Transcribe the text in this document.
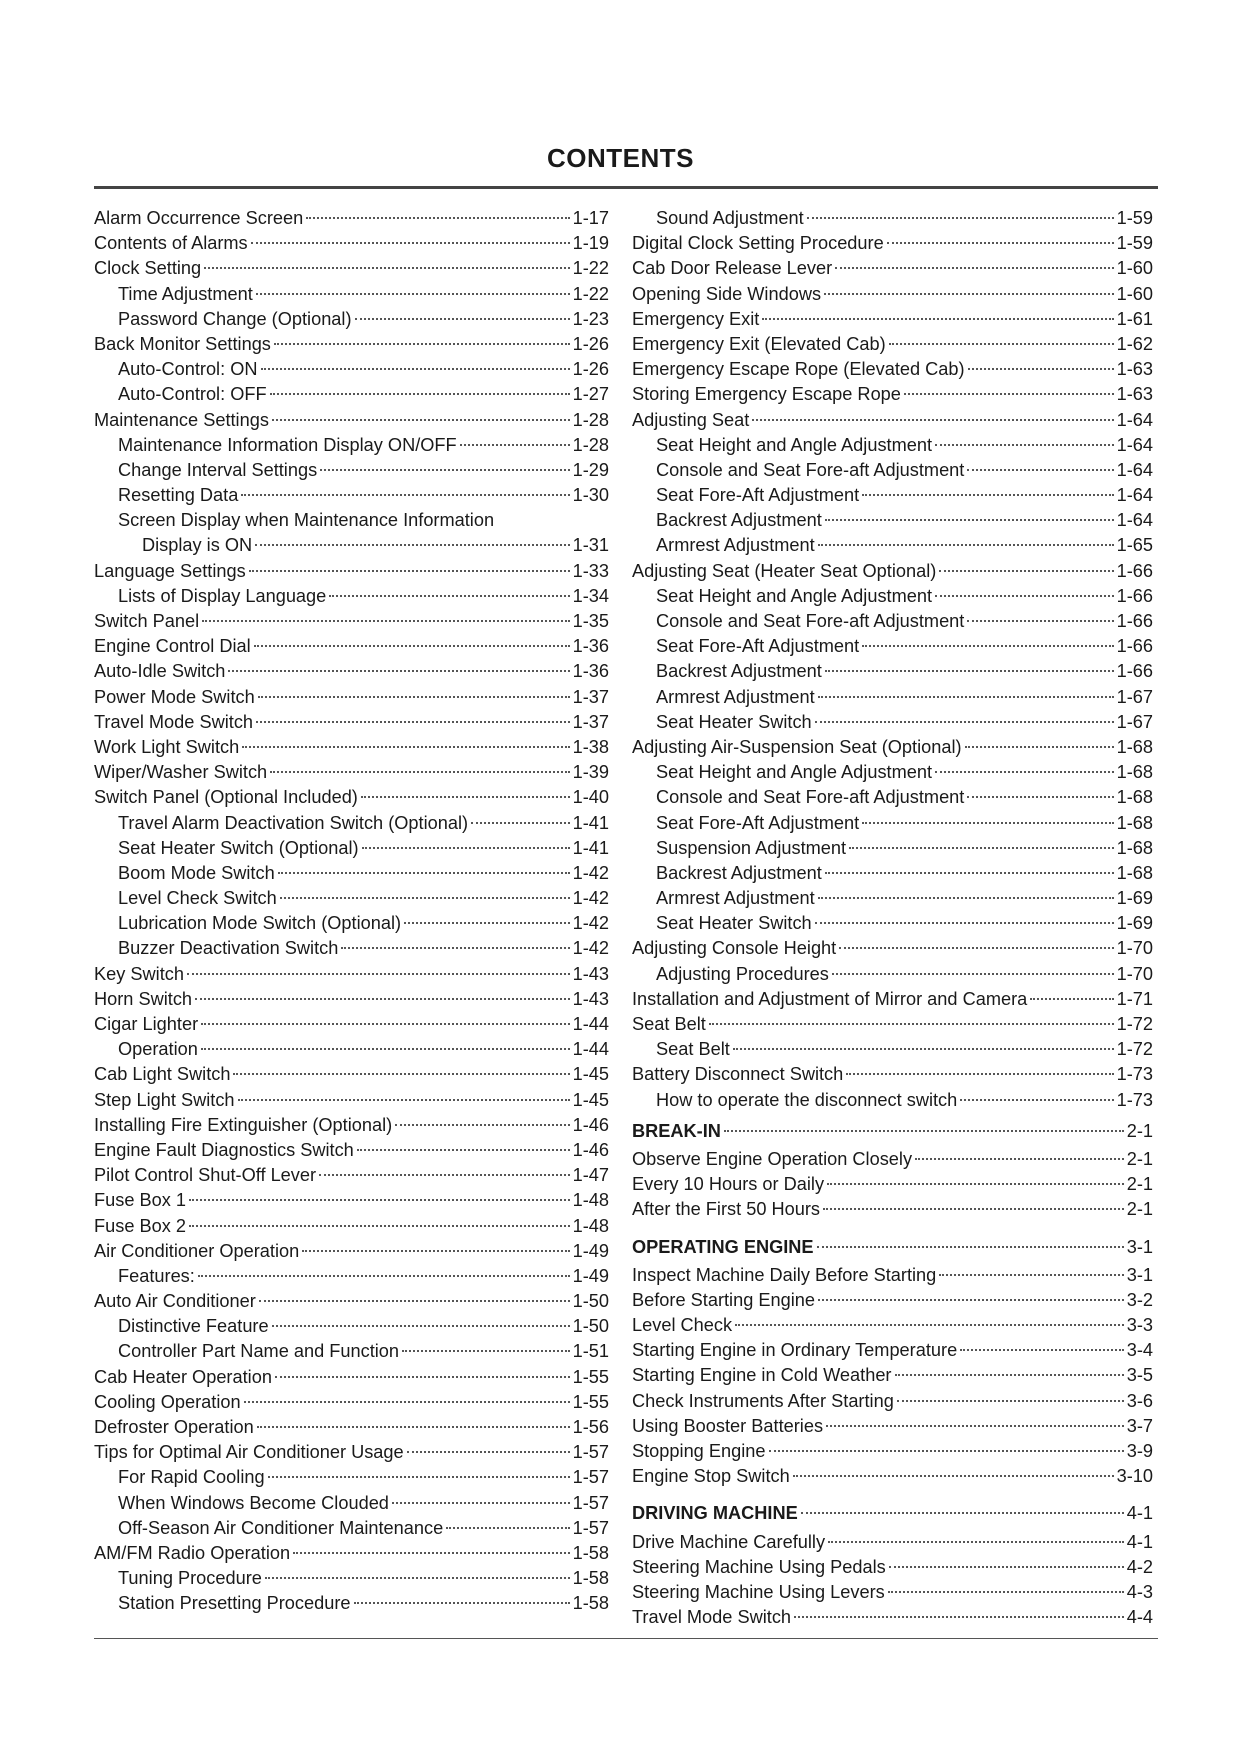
CONTENTS
Alarm Occurrence Screen	1-17
Contents of Alarms	1-19
Clock Setting	1-22
Time Adjustment	1-22
Password Change (Optional)	1-23
Back Monitor Settings	1-26
Auto-Control: ON	1-26
Auto-Control: OFF	1-27
Maintenance Settings	1-28
Maintenance Information Display ON/OFF	1-28
Change Interval Settings	1-29
Resetting Data	1-30
Screen Display when Maintenance Information
Display is ON	1-31
Language Settings	1-33
Lists of Display Language	1-34
Switch Panel	1-35
Engine Control Dial	1-36
Auto-Idle Switch	1-36
Power Mode Switch	1-37
Travel Mode Switch	1-37
Work Light Switch	1-38
Wiper/Washer Switch	1-39
Switch Panel (Optional Included)	1-40
Travel Alarm Deactivation Switch (Optional)	1-41
Seat Heater Switch (Optional)	1-41
Boom Mode Switch	1-42
Level Check Switch	1-42
Lubrication Mode Switch (Optional)	1-42
Buzzer Deactivation Switch	1-42
Key Switch	1-43
Horn Switch	1-43
Cigar Lighter	1-44
Operation	1-44
Cab Light Switch	1-45
Step Light Switch	1-45
Installing Fire Extinguisher (Optional)	1-46
Engine Fault Diagnostics Switch	1-46
Pilot Control Shut-Off Lever	1-47
Fuse Box 1	1-48
Fuse Box 2	1-48
Air Conditioner Operation	1-49
Features:	1-49
Auto Air Conditioner	1-50
Distinctive Feature	1-50
Controller Part Name and Function	1-51
Cab Heater Operation	1-55
Cooling Operation	1-55
Defroster Operation	1-56
Tips for Optimal Air Conditioner Usage	1-57
For Rapid Cooling	1-57
When Windows Become Clouded	1-57
Off-Season Air Conditioner Maintenance	1-57
AM/FM Radio Operation	1-58
Tuning Procedure	1-58
Station Presetting Procedure	1-58
Sound Adjustment	1-59
Digital Clock Setting Procedure	1-59
Cab Door Release Lever	1-60
Opening Side Windows	1-60
Emergency Exit	1-61
Emergency Exit (Elevated Cab)	1-62
Emergency Escape Rope (Elevated Cab)	1-63
Storing Emergency Escape Rope	1-63
Adjusting Seat	1-64
Seat Height and Angle Adjustment	1-64
Console and Seat Fore-aft Adjustment	1-64
Seat Fore-Aft Adjustment	1-64
Backrest Adjustment	1-64
Armrest Adjustment	1-65
Adjusting Seat (Heater Seat Optional)	1-66
Seat Height and Angle Adjustment	1-66
Console and Seat Fore-aft Adjustment	1-66
Seat Fore-Aft Adjustment	1-66
Backrest Adjustment	1-66
Armrest Adjustment	1-67
Seat Heater Switch	1-67
Adjusting Air-Suspension Seat (Optional)	1-68
Seat Height and Angle Adjustment	1-68
Console and Seat Fore-aft Adjustment	1-68
Seat Fore-Aft Adjustment	1-68
Suspension Adjustment	1-68
Backrest Adjustment	1-68
Armrest Adjustment	1-69
Seat Heater Switch	1-69
Adjusting Console Height	1-70
Adjusting Procedures	1-70
Installation and Adjustment of Mirror and Camera	1-71
Seat Belt	1-72
Seat Belt	1-72
Battery Disconnect Switch	1-73
How to operate the disconnect switch	1-73
BREAK-IN	2-1
Observe Engine Operation Closely	2-1
Every 10 Hours or Daily	2-1
After the First 50 Hours	2-1
OPERATING ENGINE	3-1
Inspect Machine Daily Before Starting	3-1
Before Starting Engine	3-2
Level Check	3-3
Starting Engine in Ordinary Temperature	3-4
Starting Engine in Cold Weather	3-5
Check Instruments After Starting	3-6
Using Booster Batteries	3-7
Stopping Engine	3-9
Engine Stop Switch	3-10
DRIVING MACHINE	4-1
Drive Machine Carefully	4-1
Steering Machine Using Pedals	4-2
Steering Machine Using Levers	4-3
Travel Mode Switch	4-4
